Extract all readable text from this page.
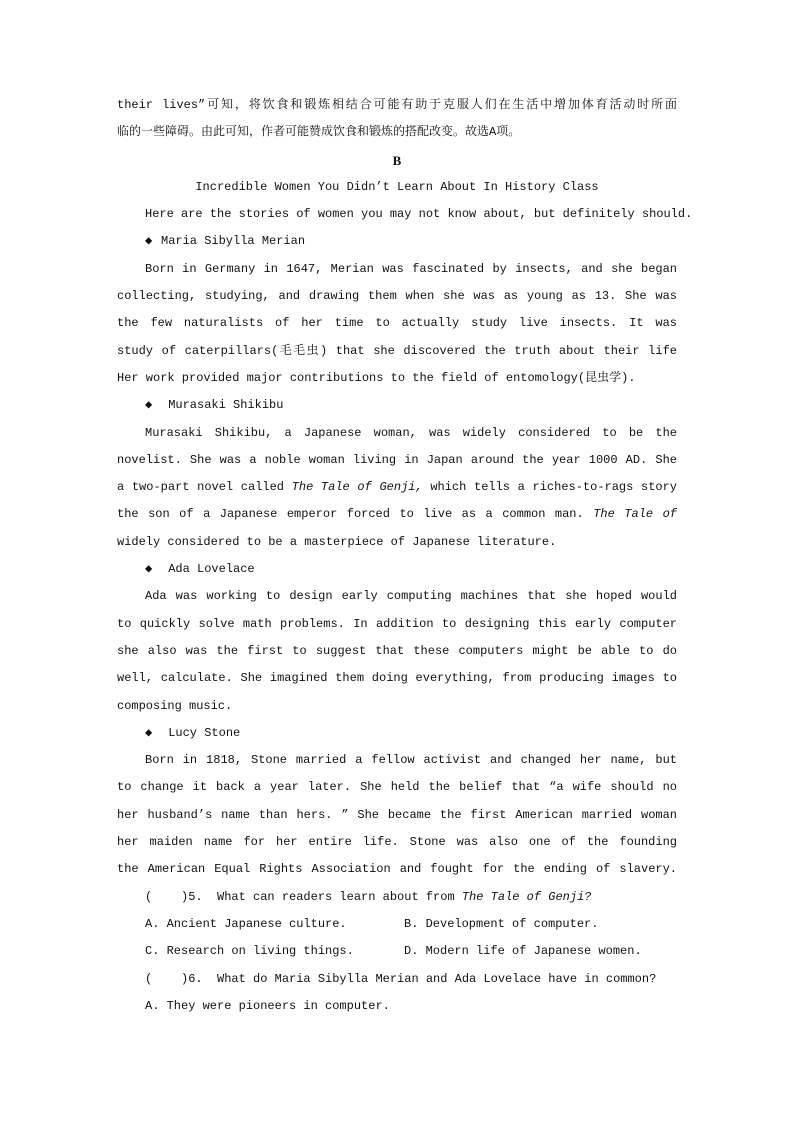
their lives”可知，将饮食和锻炼相结合可能有助于克服人们在生活中增加体育活动时所面
临的一些障碍。由此可知，作者可能赞成饮食和锻炼的搭配改变。故选A项。
B
Incredible Women You Didn’t Learn About In History Class
Here are the stories of women you may not know about, but definitely should.
◆ Maria Sibylla Merian
Born in Germany in 1647, Merian was fascinated by insects, and she began
collecting, studying, and drawing them when she was as young as 13. She was
the few naturalists of her time to actually study live insects. It was
study of caterpillars(毛毛虫) that she discovered the truth about their life
Her work provided major contributions to the field of entomology(昆虫学).
◆ Murasaki Shikibu
Murasaki Shikibu, a Japanese woman, was widely considered to be the
novelist. She was a noble woman living in Japan around the year 1000 AD. She
a two-part novel called The Tale of Genji, which tells a riches-to-rags story
the son of a Japanese emperor forced to live as a common man. The Tale of
widely considered to be a masterpiece of Japanese literature.
◆ Ada Lovelace
Ada was working to design early computing machines that she hoped would
to quickly solve math problems. In addition to designing this early computer
she also was the first to suggest that these computers might be able to do
well, calculate. She imagined them doing everything, from producing images to
composing music.
◆ Lucy Stone
Born in 1818, Stone married a fellow activist and changed her name, but
to change it back a year later. She held the belief that “a wife should no
her husband’s name than hers. ” She became the first American married woman
her maiden name for her entire life. Stone was also one of the founding
the American Equal Rights Association and fought for the ending of slavery.
(    )5.  What can readers learn about from The Tale of Genji?
A. Ancient Japanese culture.	B. Development of computer.
C. Research on living things.	D. Modern life of Japanese women.
(    )6.  What do Maria Sibylla Merian and Ada Lovelace have in common?
A. They were pioneers in computer.
